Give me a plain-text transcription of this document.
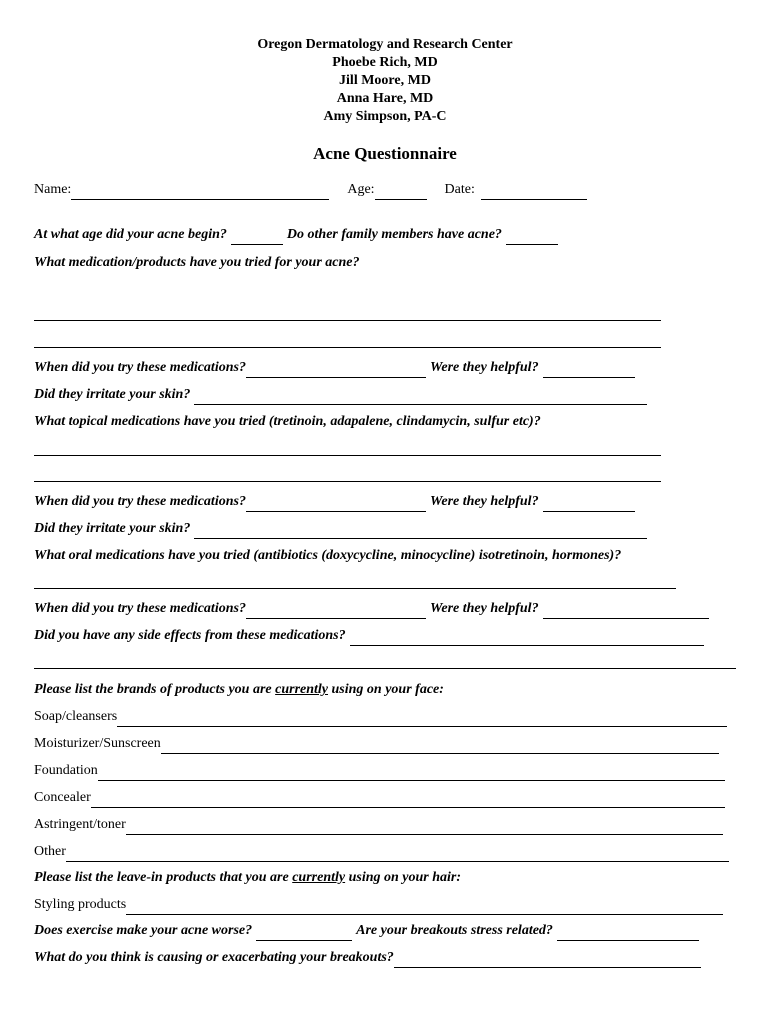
Oregon Dermatology and Research Center
Phoebe Rich, MD
Jill Moore, MD
Anna Hare, MD
Amy Simpson, PA-C
Acne Questionnaire
Name:	Age:	Date:
At what age did your acne begin?	Do other family members have acne?
What medication/products have you tried for your acne?
When did you try these medications?	Were they helpful?
Did they irritate your skin?
What topical medications have you tried (tretinoin, adapalene, clindamycin, sulfur etc)?
When did you try these medications?	Were they helpful?
Did they irritate your skin?
What oral medications have you tried (antibiotics (doxycycline, minocycline) isotretinoin, hormones)?
When did you try these medications?	Were they helpful?
Did you have any side effects from these medications?
Please list the brands of products you are currently using on your face:
Soap/cleansers
Moisturizer/Sunscreen
Foundation
Concealer
Astringent/toner
Other
Please list the leave-in products that you are currently using on your hair:
Styling products
Does exercise make your acne worse?	Are your breakouts stress related?
What do you think is causing or exacerbating your breakouts?
